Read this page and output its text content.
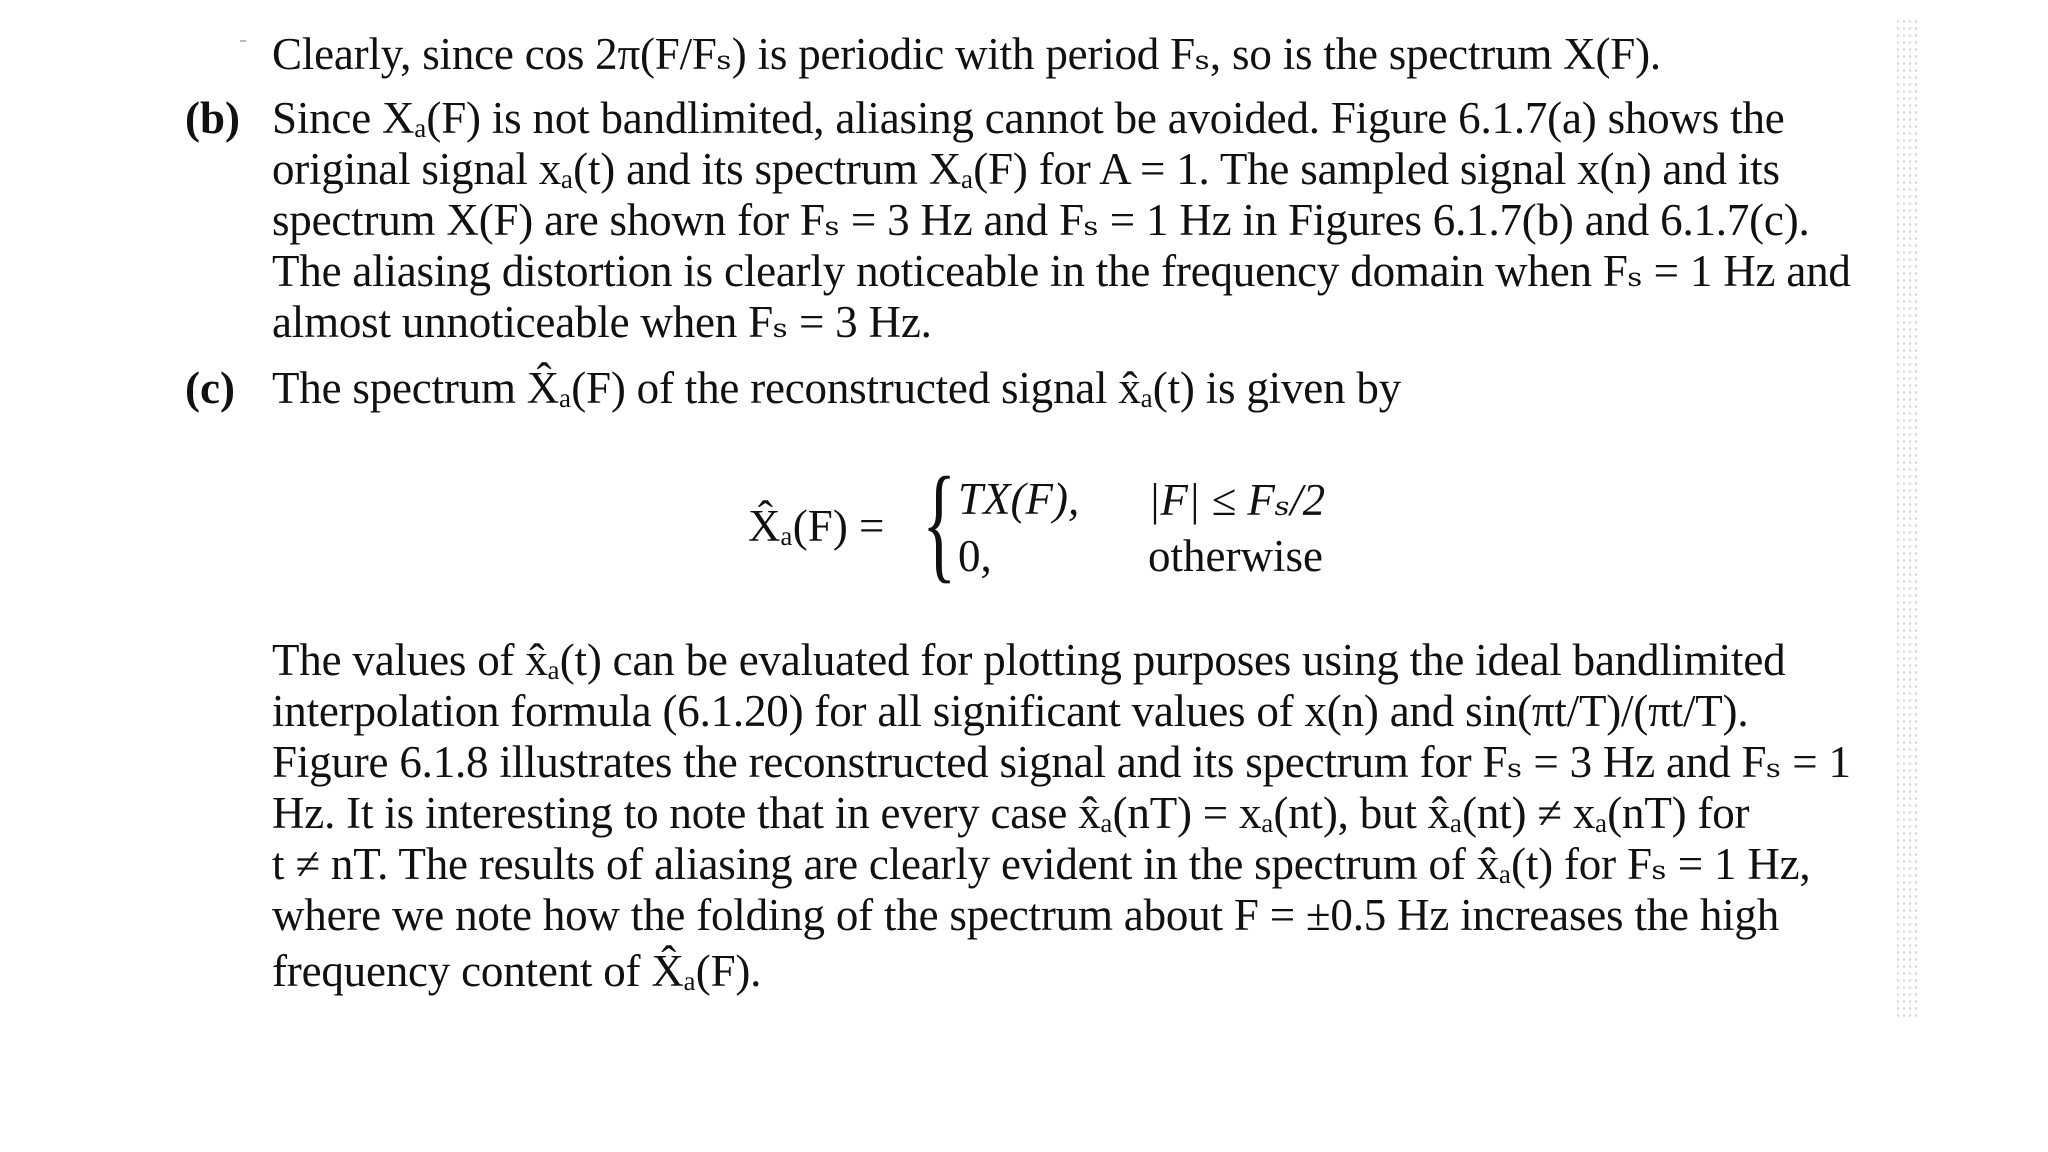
Clearly, since cos 2π(F/Fₛ) is periodic with period Fₛ, so is the spectrum X(F).
(b) Since Xₐ(F) is not bandlimited, aliasing cannot be avoided. Figure 6.1.7(a) shows the
original signal xₐ(t) and its spectrum Xₐ(F) for A = 1. The sampled signal x(n) and its
spectrum X(F) are shown for Fₛ = 3 Hz and Fₛ = 1 Hz in Figures 6.1.7(b) and 6.1.7(c).
The aliasing distortion is clearly noticeable in the frequency domain when Fₛ = 1 Hz and
almost unnoticeable when Fₛ = 3 Hz.
(c) The spectrum X̂ₐ(F) of the reconstructed signal x̂ₐ(t) is given by
X̂ₐ(F) = { TX(F), |F| ≤ Fₛ/2
0,	otherwise
The values of x̂ₐ(t) can be evaluated for plotting purposes using the ideal bandlimited
interpolation formula (6.1.20) for all significant values of x(n) and sin(πt/T)/(πt/T).
Figure 6.1.8 illustrates the reconstructed signal and its spectrum for Fₛ = 3 Hz and Fₛ = 1
Hz. It is interesting to note that in every case x̂ₐ(nT) = xₐ(nt), but x̂ₐ(nt) ≠ xₐ(nT) for
t ≠ nT. The results of aliasing are clearly evident in the spectrum of x̂ₐ(t) for Fₛ = 1 Hz,
where we note how the folding of the spectrum about F = ±0.5 Hz increases the high
frequency content of X̂ₐ(F).
